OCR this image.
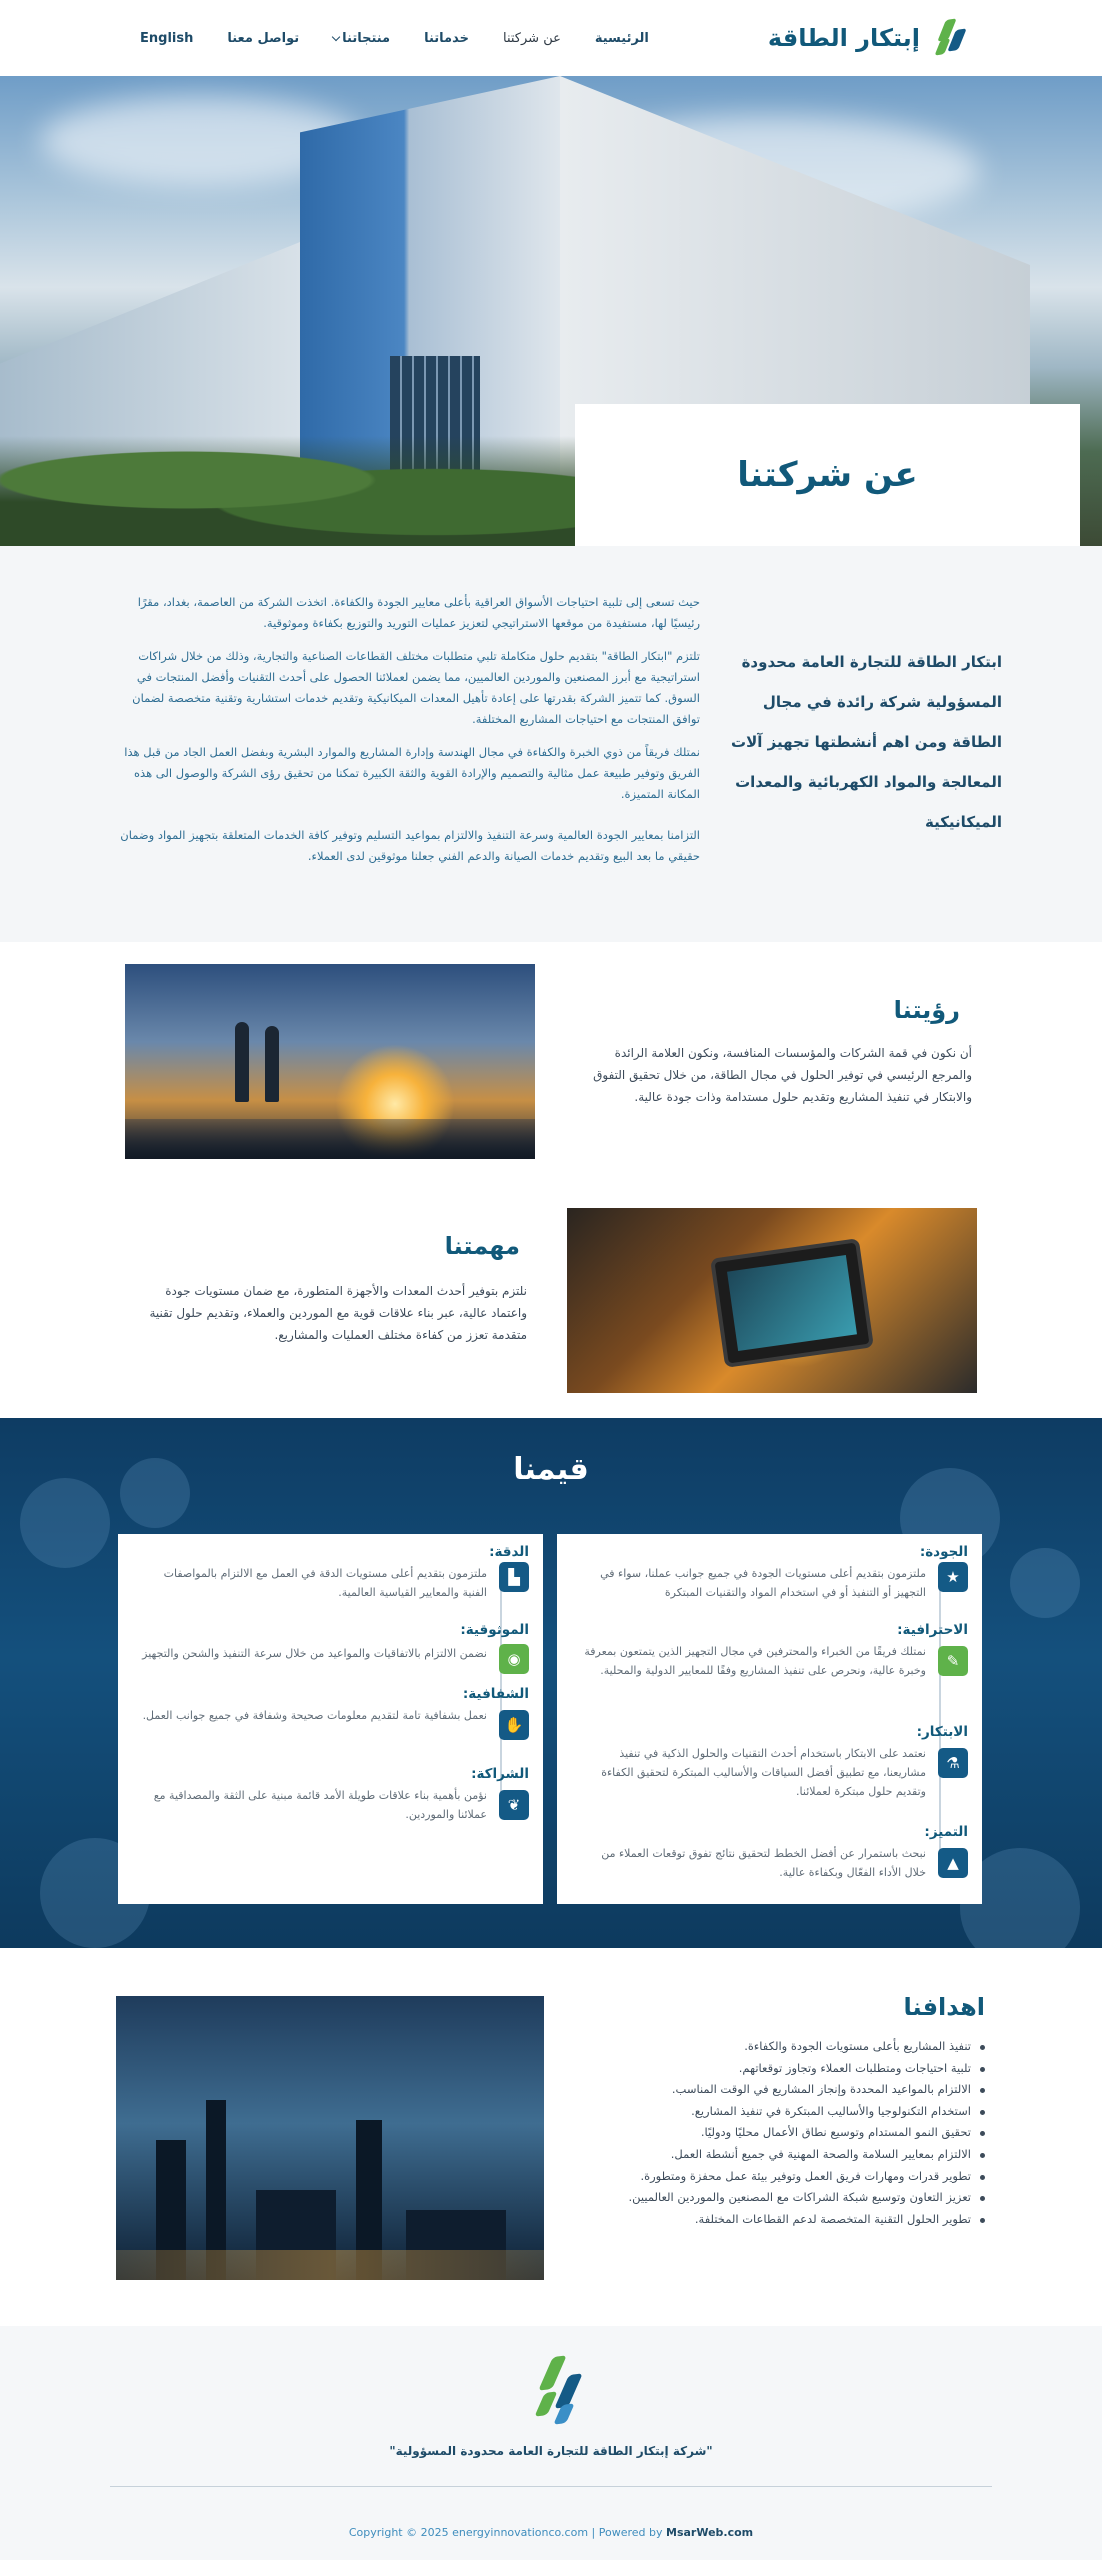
English	تواصل معنا	منتجاتنا	خدماتنا	عن شركتنا	الرئيسية	إبتكار الطاقة
عن شركتنا
ابتكار الطاقة للتجارة العامة محدودة المسؤولية شركة رائدة في مجال الطاقة ومن اهم أنشطتها تجهيز آلات المعالجة والمواد الكهربائية والمعدات الميكانيكية

حيث تسعى إلى تلبية احتياجات الأسواق العراقية بأعلى معايير الجودة والكفاءة. اتخذت الشركة من العاصمة، بغداد، مقرًا رئيسيًا لها، مستفيدة من موقعها الاستراتيجي لتعزيز عمليات التوريد والتوزيع بكفاءة وموثوقية.

تلتزم "ابتكار الطاقة" بتقديم حلول متكاملة تلبي متطلبات مختلف القطاعات الصناعية والتجارية، وذلك من خلال شراكات استراتيجية مع أبرز المصنعين والموردين العالميين، مما يضمن لعملائنا الحصول على أحدث التقنيات وأفضل المنتجات في السوق. كما تتميز الشركة بقدرتها على إعادة تأهيل المعدات الميكانيكية وتقديم خدمات استشارية وتقنية متخصصة لضمان توافق المنتجات مع احتياجات المشاريع المختلفة.

نمتلك فريقاً من ذوي الخبرة والكفاءة في مجال الهندسة وإدارة المشاريع والموارد البشرية وبفضل العمل الجاد من قبل هذا الفريق وتوفير طبيعة عمل مثالية والتصميم والإرادة القوية والثقة الكبيرة تمكنا من تحقيق رؤى الشركة والوصول الى هذه المكانة المتميزة.

التزامنا بمعايير الجودة العالمية وسرعة التنفيذ والالتزام بمواعيد التسليم وتوفير كافة الخدمات المتعلقة بتجهيز المواد وضمان حقيقي ما بعد البيع وتقديم خدمات الصيانة والدعم الفني جعلنا موثوقين لدى العملاء.

رؤيتنا

أن نكون في قمة الشركات والمؤسسات المنافسة، ونكون العلامة الرائدة والمرجع الرئيسي في توفير الحلول في مجال الطاقة، من خلال تحقيق التفوق والابتكار في تنفيذ المشاريع وتقديم حلول مستدامة وذات جودة عالية.

مهمتنا

نلتزم بتوفير أحدث المعدات والأجهزة المتطورة، مع ضمان مستويات جودة واعتماد عالية، عبر بناء علاقات قوية مع الموردين والعملاء، وتقديم حلول تقنية متقدمة تعزز من كفاءة مختلف العمليات والمشاريع.

قيمنا
الجودة:
★

ملتزمون بتقديم أعلى مستويات الجودة في جميع جوانب عملنا، سواء في التجهيز أو التنفيذ أو في استخدام المواد والتقنيات المبتكرة

الاحترافية:
✎

نمتلك فريقًا من الخبراء والمحترفين في مجال التجهيز الذين يتمتعون بمعرفة وخبرة عالية، ونحرص على تنفيذ المشاريع وفقًا للمعايير الدولية والمحلية.

الابتكار:
⚗

نعتمد على الابتكار باستخدام أحدث التقنيات والحلول الذكية في تنفيذ مشاريعنا، مع تطبيق أفضل السياقات والأساليب المبتكرة لتحقيق الكفاءة وتقديم حلول مبتكرة لعملائنا.

التميز:
▲

نبحث باستمرار عن أفضل الخطط لتحقيق نتائج تفوق توقعات العملاء من خلال الأداء الفعّال وبكفاءة عالية.

الدقة:
▙

ملتزمون بتقديم أعلى مستويات الدقة في العمل مع الالتزام بالمواصفات الفنية والمعايير القياسية العالمية.

الموثوقية:
◉

نضمن الالتزام بالاتفاقيات والمواعيد من خلال سرعة التنفيذ والشحن والتجهيز

الشفافية:
✋

نعمل بشفافية تامة لتقديم معلومات صحيحة وشفافة في جميع جوانب العمل.

الشراكة:
❦

نؤمن بأهمية بناء علاقات طويلة الأمد قائمة مبنية على الثقة والمصداقية مع عملائنا والموردين.

اهدافنا
تنفيذ المشاريع بأعلى مستويات الجودة والكفاءة.
تلبية احتياجات ومتطلبات العملاء وتجاوز توقعاتهم.
الالتزام بالمواعيد المحددة وإنجاز المشاريع في الوقت المناسب.
استخدام التكنولوجيا والأساليب المبتكرة في تنفيذ المشاريع.
تحقيق النمو المستدام وتوسيع نطاق الأعمال محليًا ودوليًا.
الالتزام بمعايير السلامة والصحة المهنية في جميع أنشطة العمل.
تطوير قدرات ومهارات فريق العمل وتوفير بيئة عمل محفزة ومتطورة.
تعزيز التعاون وتوسيع شبكة الشراكات مع المصنعين والموردين العالميين.
تطوير الحلول التقنية المتخصصة لدعم القطاعات المختلفة.

"شركة إبتكار الطاقة للتجارة العامة محدودة المسؤولية"

Copyright © 2025 energyinnovationco.com | Powered by MsarWeb.com
